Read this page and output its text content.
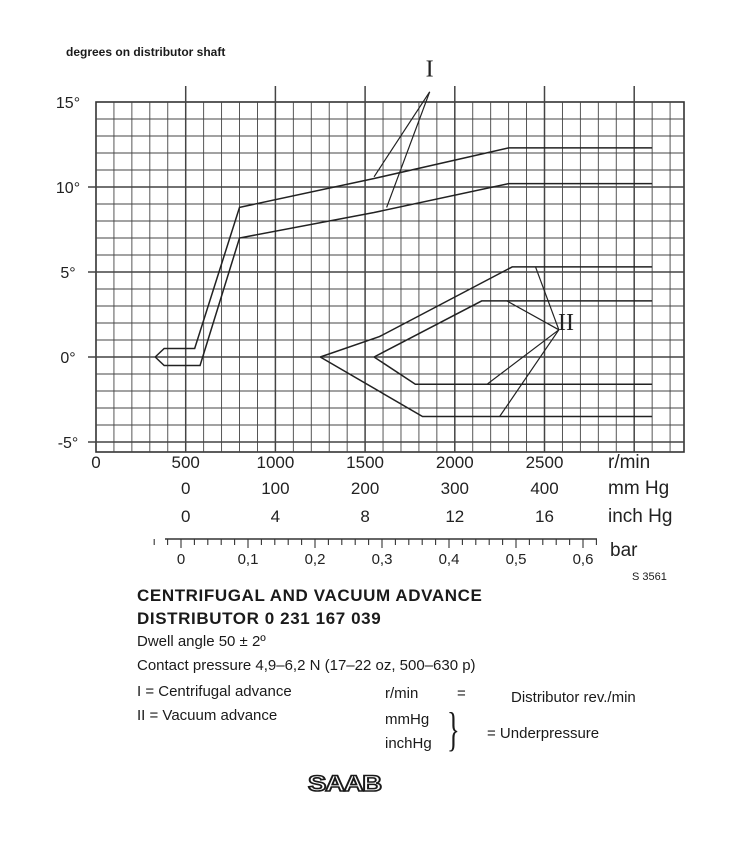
15°
10°
5°
0°
-5°
0	500	1000	1500	2000	2500 r/min
0	100	200	300	400	mm Hg
0	4	8	12	16	inch Hg
0	0,1	0,2	0,3	0,4	0,5	0,6 bar
I
II
degrees on distributor shaft
S 3561
CENTRIFUGAL AND VACUUM ADVANCE
DISTRIBUTOR 0 231 167 039
Dwell angle 50 ± 2º
Contact pressure 4,9–6,2 N (17–22 oz, 500–630 p)
I = Centrifugal advance
II = Vacuum advance
r/min	=	Distributor rev./min
mmHg
inchHg } = Underpressure
SAAB
